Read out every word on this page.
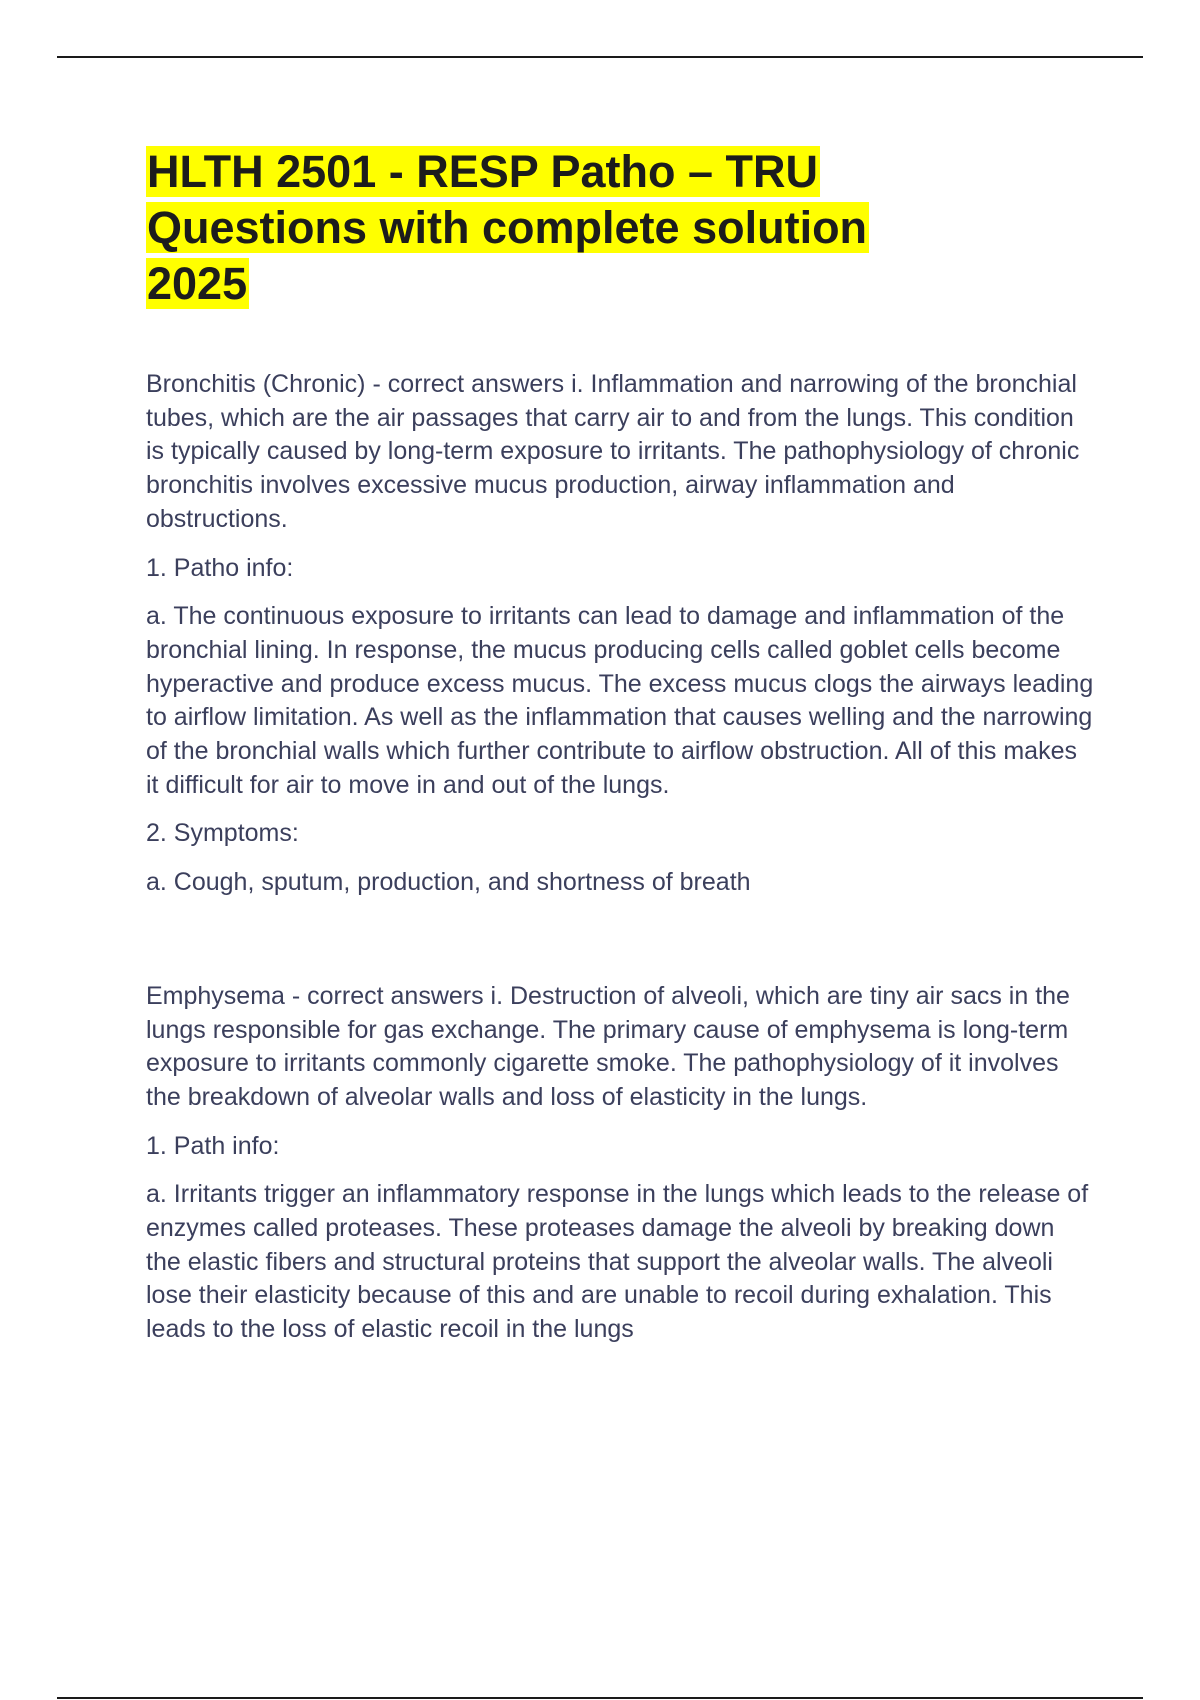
HLTH 2501 - RESP Patho – TRU Questions with complete solution 2025

Bronchitis (Chronic) - correct answers i. Inflammation and narrowing of the bronchial tubes, which are the air passages that carry air to and from the lungs. This condition is typically caused by long-term exposure to irritants. The pathophysiology of chronic bronchitis involves excessive mucus production, airway inflammation and obstructions.

1. Patho info:

a. The continuous exposure to irritants can lead to damage and inflammation of the bronchial lining. In response, the mucus producing cells called goblet cells become hyperactive and produce excess mucus. The excess mucus clogs the airways leading to airflow limitation. As well as the inflammation that causes welling and the narrowing of the bronchial walls which further contribute to airflow obstruction. All of this makes it difficult for air to move in and out of the lungs.

2. Symptoms:

a. Cough, sputum, production, and shortness of breath

Emphysema - correct answers i. Destruction of alveoli, which are tiny air sacs in the lungs responsible for gas exchange. The primary cause of emphysema is long-term exposure to irritants commonly cigarette smoke. The pathophysiology of it involves the breakdown of alveolar walls and loss of elasticity in the lungs.

1. Path info:

a. Irritants trigger an inflammatory response in the lungs which leads to the release of enzymes called proteases. These proteases damage the alveoli by breaking down the elastic fibers and structural proteins that support the alveolar walls. The alveoli lose their elasticity because of this and are unable to recoil during exhalation. This leads to the loss of elastic recoil in the lungs
